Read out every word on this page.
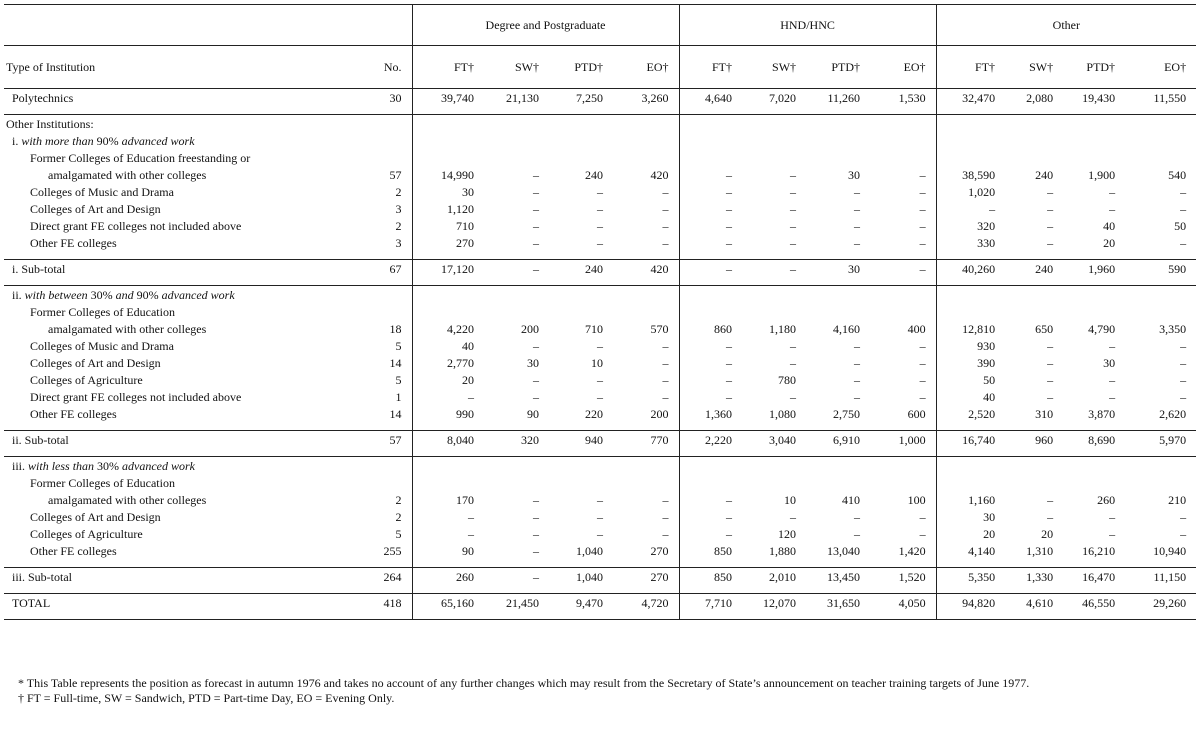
		Degree and Postgraduate				HND/HNC				Other			
Type of Institution	No.	FT†	SW†	PTD†	EO†	FT†	SW†	PTD†	EO†	FT†	SW†	PTD†	EO†
Polytechnics	30	39,740	21,130	7,250	3,260	4,640	7,020	11,260	1,530	32,470	2,080	19,430	11,550

Other Institutions:													
i. with more than 90% advanced work													
Former Colleges of Education freestanding or													
amalgamated with other colleges	57	14,990	–	240	420	–	–	30	–	38,590	240	1,900	540
Colleges of Music and Drama	2	30	–	–	–	–	–	–	–	1,020	–	–	–
Colleges of Art and Design	3	1,120	–	–	–	–	–	–	–	–	–	–	–
Direct grant FE colleges not included above	2	710	–	–	–	–	–	–	–	320	–	40	50
Other FE colleges	3	270	–	–	–	–	–	–	–	330	–	20	–

i. Sub-total	67	17,120	–	240	420	–	–	30	–	40,260	240	1,960	590

ii. with between 30% and 90% advanced work													
Former Colleges of Education													
amalgamated with other colleges	18	4,220	200	710	570	860	1,180	4,160	400	12,810	650	4,790	3,350
Colleges of Music and Drama	5	40	–	–	–	–	–	–	–	930	–	–	–
Colleges of Art and Design	14	2,770	30	10	–	–	–	–	–	390	–	30	–
Colleges of Agriculture	5	20	–	–	–	–	780	–	–	50	–	–	–
Direct grant FE colleges not included above	1	–	–	–	–	–	–	–	–	40	–	–	–
Other FE colleges	14	990	90	220	200	1,360	1,080	2,750	600	2,520	310	3,870	2,620

ii. Sub-total	57	8,040	320	940	770	2,220	3,040	6,910	1,000	16,740	960	8,690	5,970

iii. with less than 30% advanced work													
Former Colleges of Education													
amalgamated with other colleges	2	170	–	–	–	–	10	410	100	1,160	–	260	210
Colleges of Art and Design	2	–	–	–	–	–	–	–	–	30	–	–	–
Colleges of Agriculture	5	–	–	–	–	–	120	–	–	20	20	–	–
Other FE colleges	255	90	–	1,040	270	850	1,880	13,040	1,420	4,140	1,310	16,210	10,940

iii. Sub-total	264	260	–	1,040	270	850	2,010	13,450	1,520	5,350	1,330	16,470	11,150

TOTAL	418	65,160	21,450	9,470	4,720	7,710	12,070	31,650	4,050	94,820	4,610	46,550	29,260

* This Table represents the position as forecast in autumn 1976 and takes no account of any further changes which may result from the Secretary of State’s announcement on teacher training targets of June 1977.
† FT = Full-time, SW = Sandwich, PTD = Part-time Day, EO = Evening Only.
